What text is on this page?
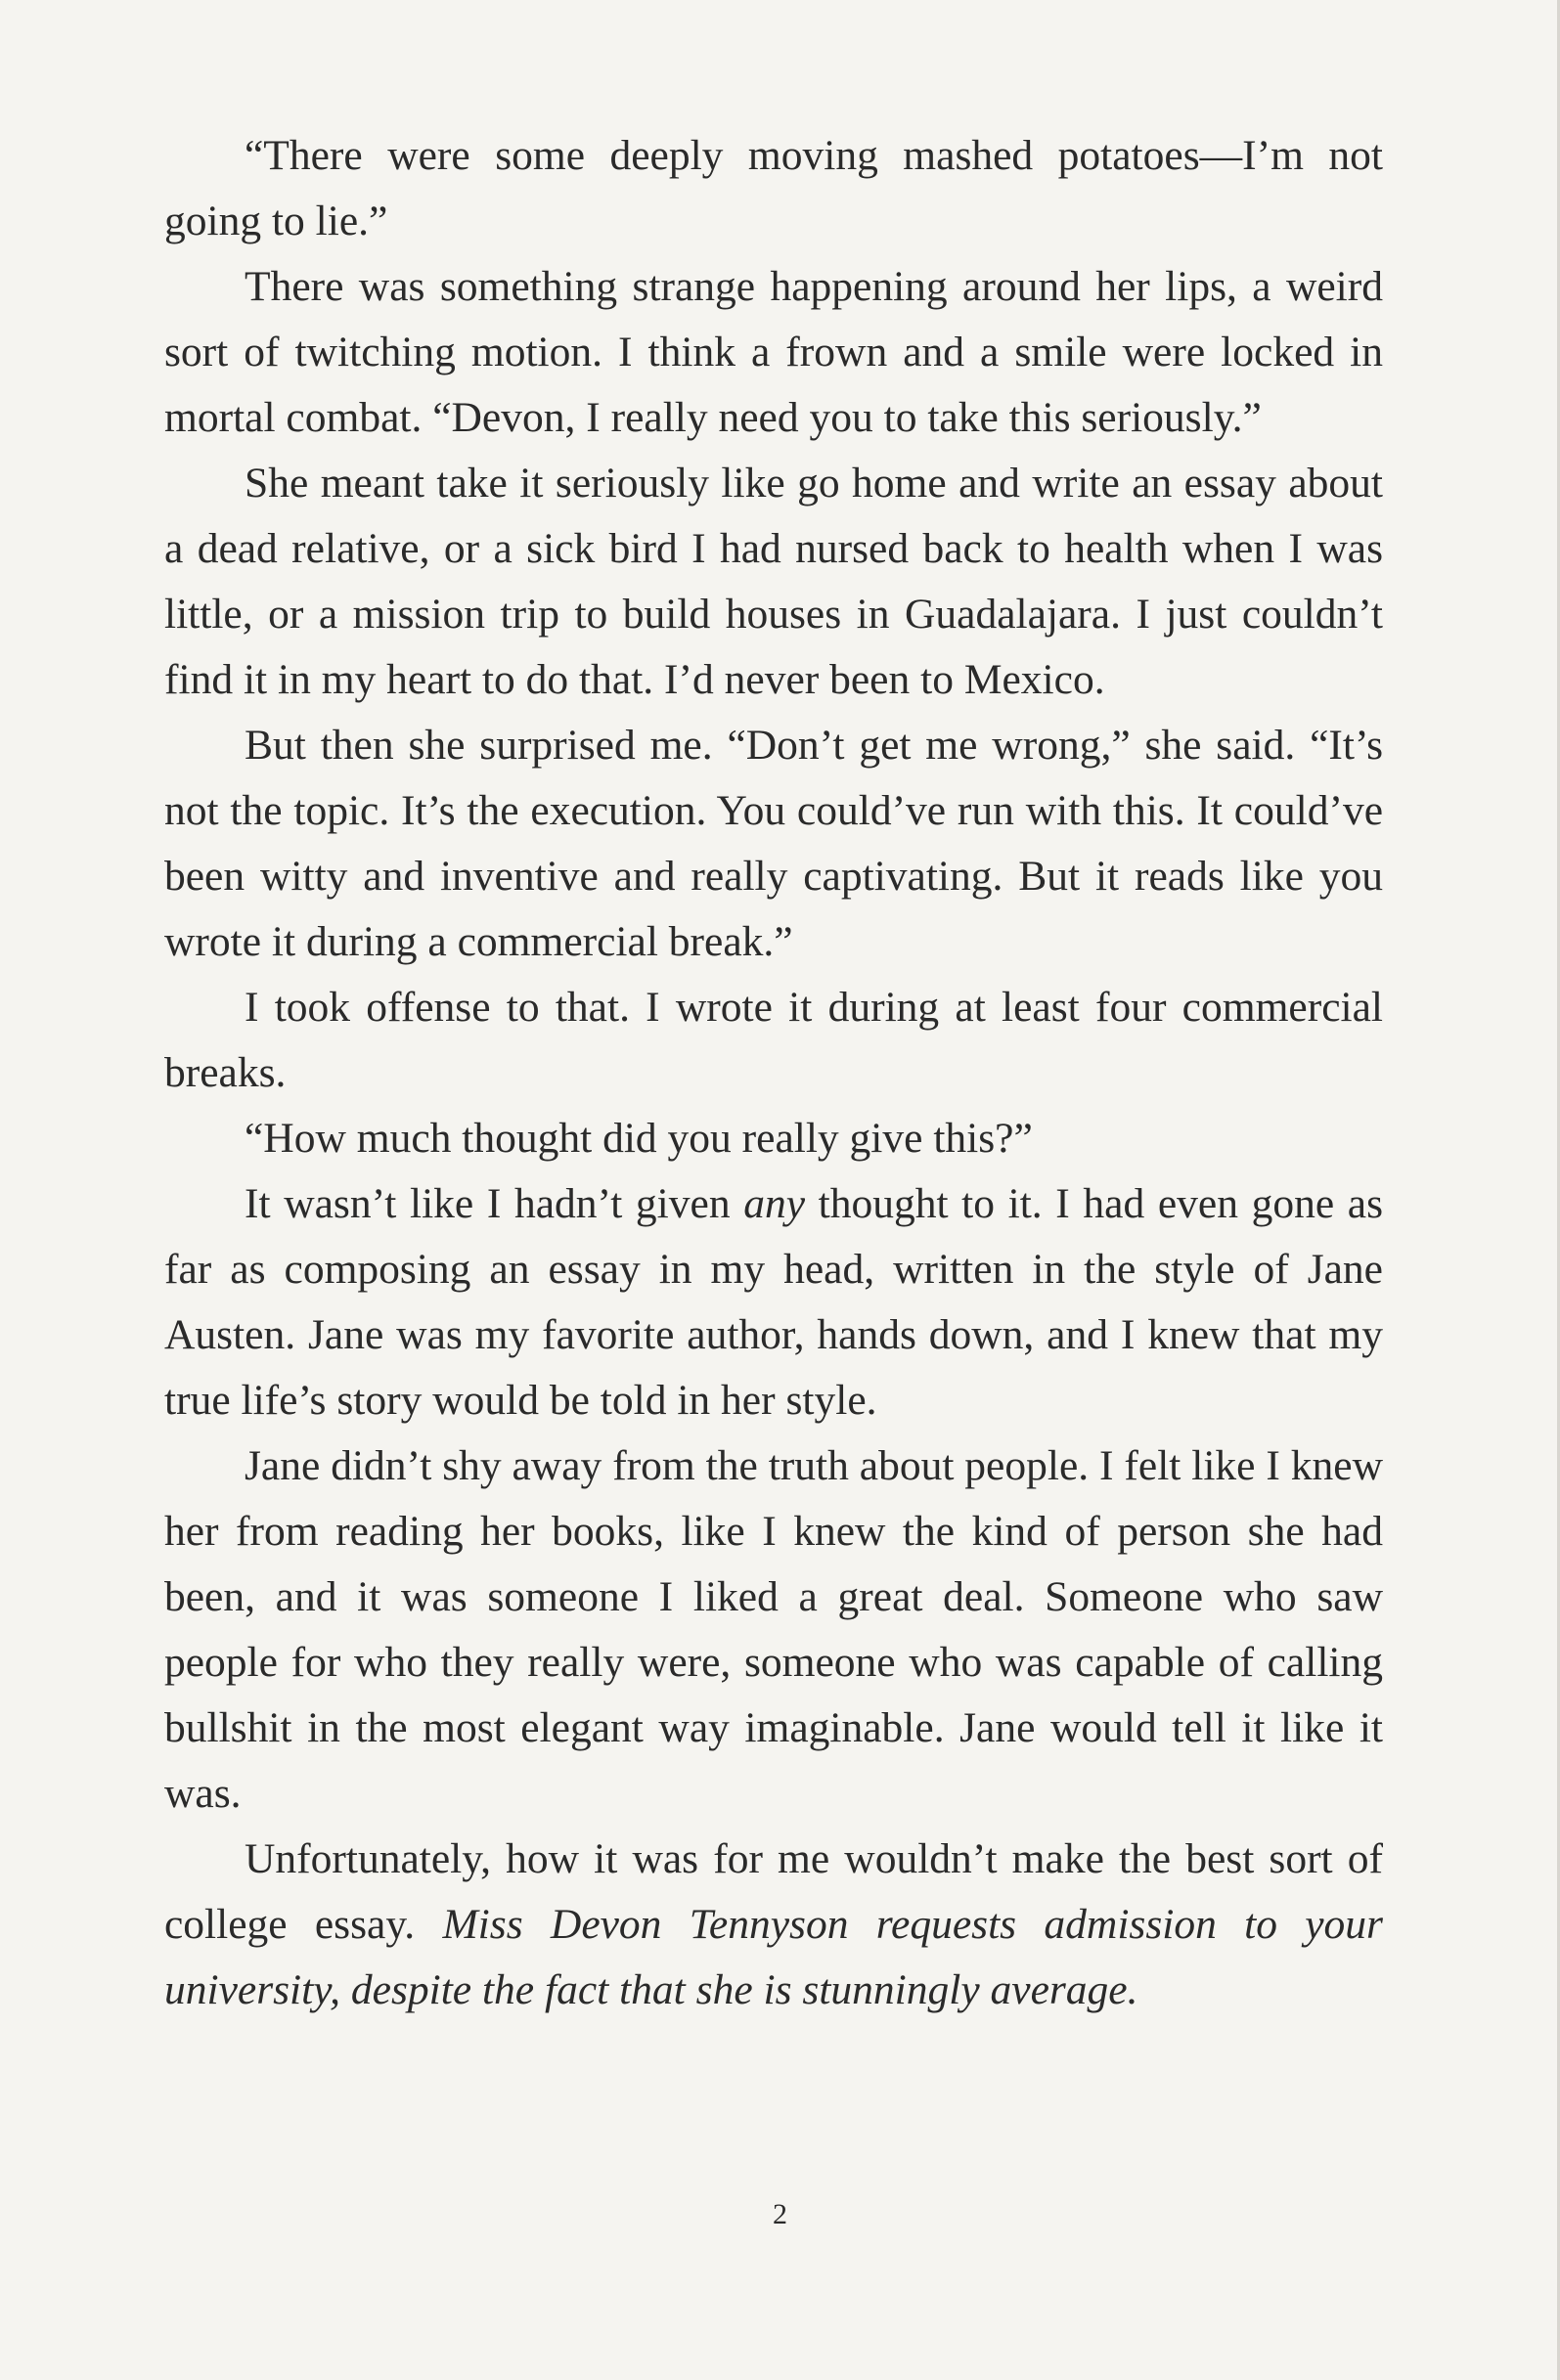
“There were some deeply moving mashed potatoes—I’m not going to lie.”

There was something strange happening around her lips, a weird sort of twitching motion. I think a frown and a smile were locked in mortal combat. “Devon, I really need you to take this seriously.”

She meant take it seriously like go home and write an essay about a dead relative, or a sick bird I had nursed back to health when I was little, or a mission trip to build houses in Guadalajara. I just couldn’t find it in my heart to do that. I’d never been to Mexico.

But then she surprised me. “Don’t get me wrong,” she said. “It’s not the topic. It’s the execution. You could’ve run with this. It could’ve been witty and inventive and really captivating. But it reads like you wrote it during a commercial break.”

I took offense to that. I wrote it during at least four commercial breaks.

“How much thought did you really give this?”

It wasn’t like I hadn’t given any thought to it. I had even gone as far as composing an essay in my head, written in the style of Jane Austen. Jane was my favorite author, hands down, and I knew that my true life’s story would be told in her style.

Jane didn’t shy away from the truth about people. I felt like I knew her from reading her books, like I knew the kind of person she had been, and it was someone I liked a great deal. Someone who saw people for who they really were, someone who was capable of calling bullshit in the most elegant way imaginable. Jane would tell it like it was.

Unfortunately, how it was for me wouldn’t make the best sort of college essay. Miss Devon Tennyson requests admission to your university, despite the fact that she is stunningly average.

2
